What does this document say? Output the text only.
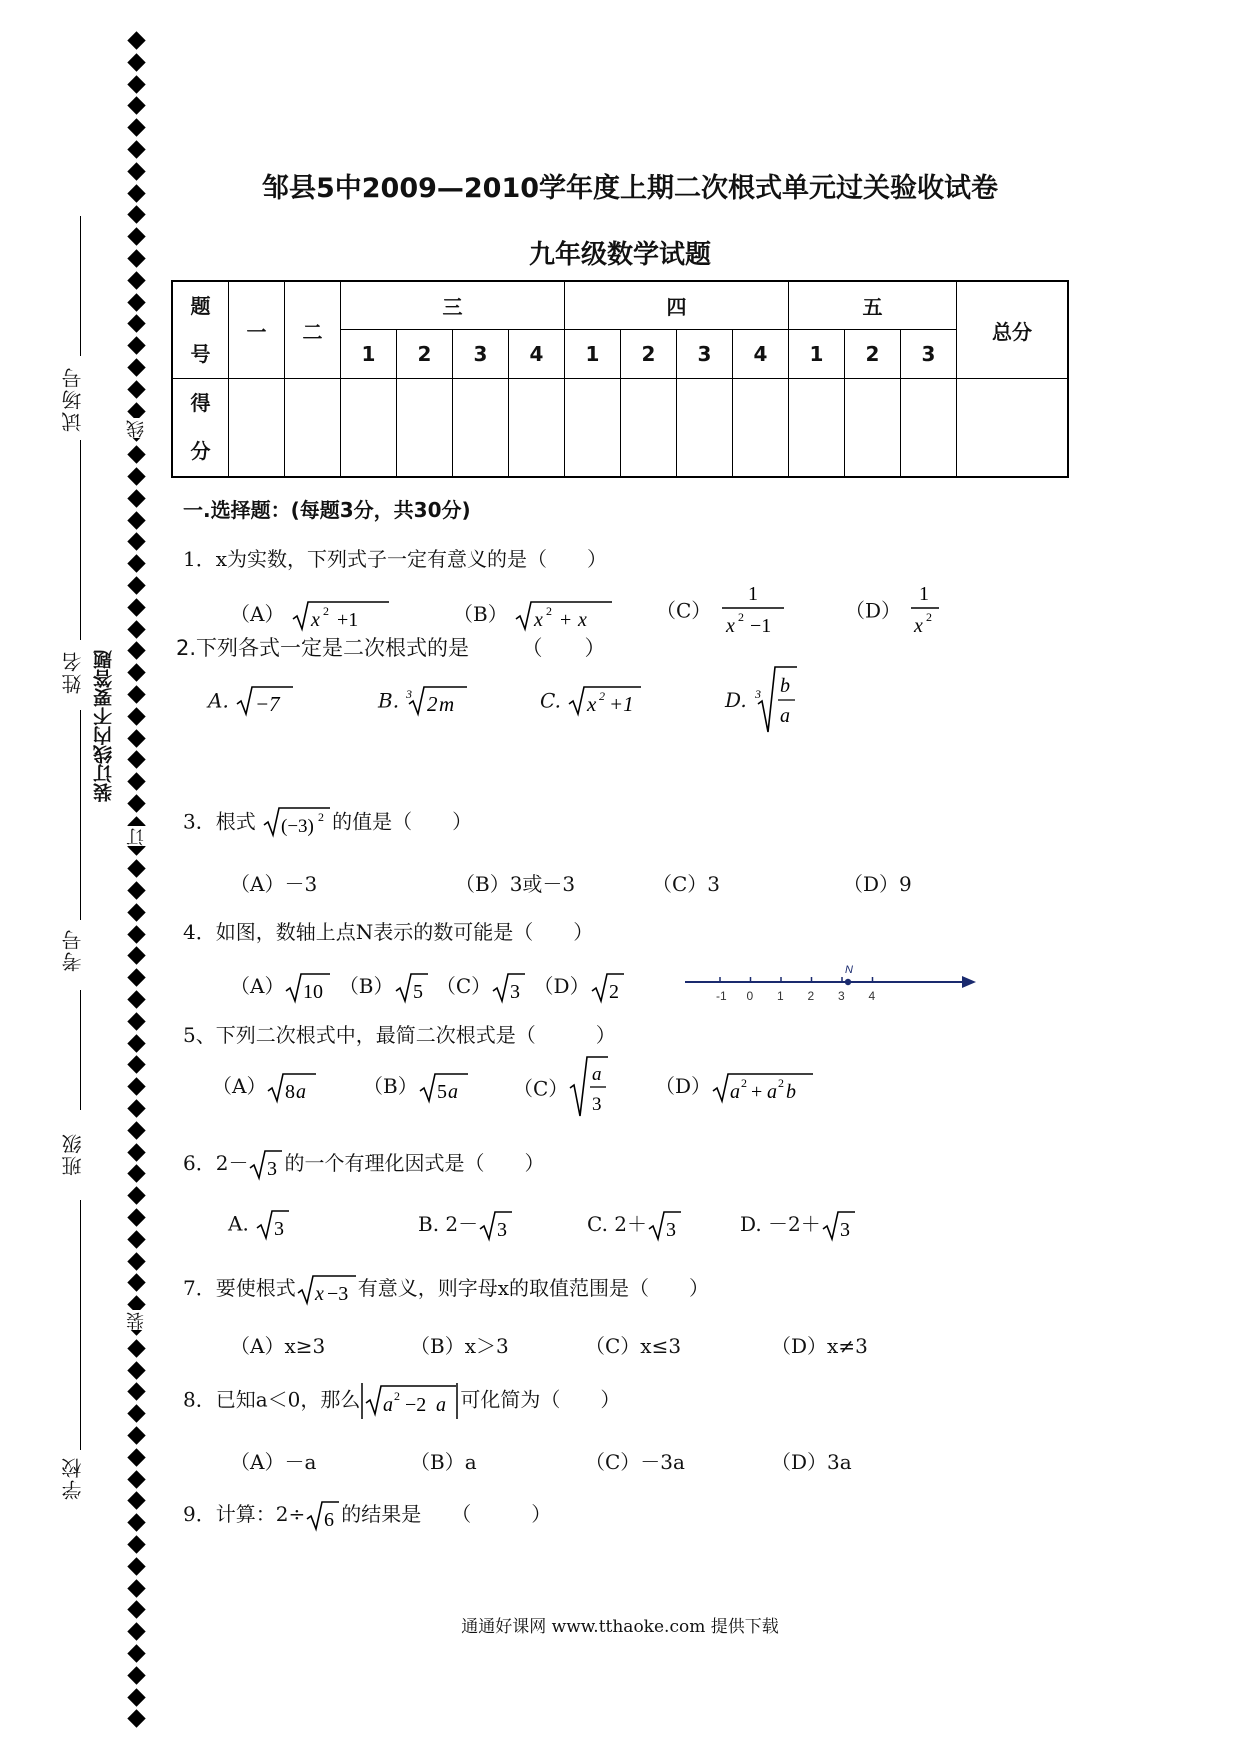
试场号
姓名
考号
班级
学校
装订线内不要答题
线
订
装
邹县5中2009—2010学年度上期二次根式单元过关验收试卷
九年级数学试题
题
号	一	二	三				四				五			总分
			1	2	3	4	1	2	3	4	1	2	3	
得
分														
一.选择题：(每题3分，共30分)
1．x为实数，下列式子一定有意义的是（　　）
（A） x 2 +1	（B） x 2 + x	（C）
1
x 2 −1
（D）
1
x 2
2.下列各式一定是二次根式的是　　　（　　）
A. −7	B. 3 2 m	C. x 2 +1	D. 3 b
a
3．根式 (−3) 2 的值是（　　）
（A）－3	（B）3或－3	（C）3	（D）9
4．如图，数轴上点N表示的数可能是（　　）
（A） 10 （B） 5 （C） 3 （D） 2	-1 0 1 2 3 4
N
5、下列二次根式中，最简二次根式是（　　　）
（A） 8 a	（B） 5 a	（C）
a
3
（D） a 2 + a 2 b
6．2－ 3 的一个有理化因式是（　　）
A. 3	B. 2－ 3	C. 2＋ 3	D. －2＋ 3
7．要使根式 x −3 有意义，则字母x的取值范围是（　　）
（A）x≥3	（B）x＞3	（C）x≤3	（D）x≠3
8．已知a＜0，那么 a 2 −2 a 可化简为（　　）
（A）－a	（B）a	（C）－3a	（D）3a
9．计算：2÷ 6 的结果是　　（　　　）
通通好课网 www.tthaoke.com 提供下载
